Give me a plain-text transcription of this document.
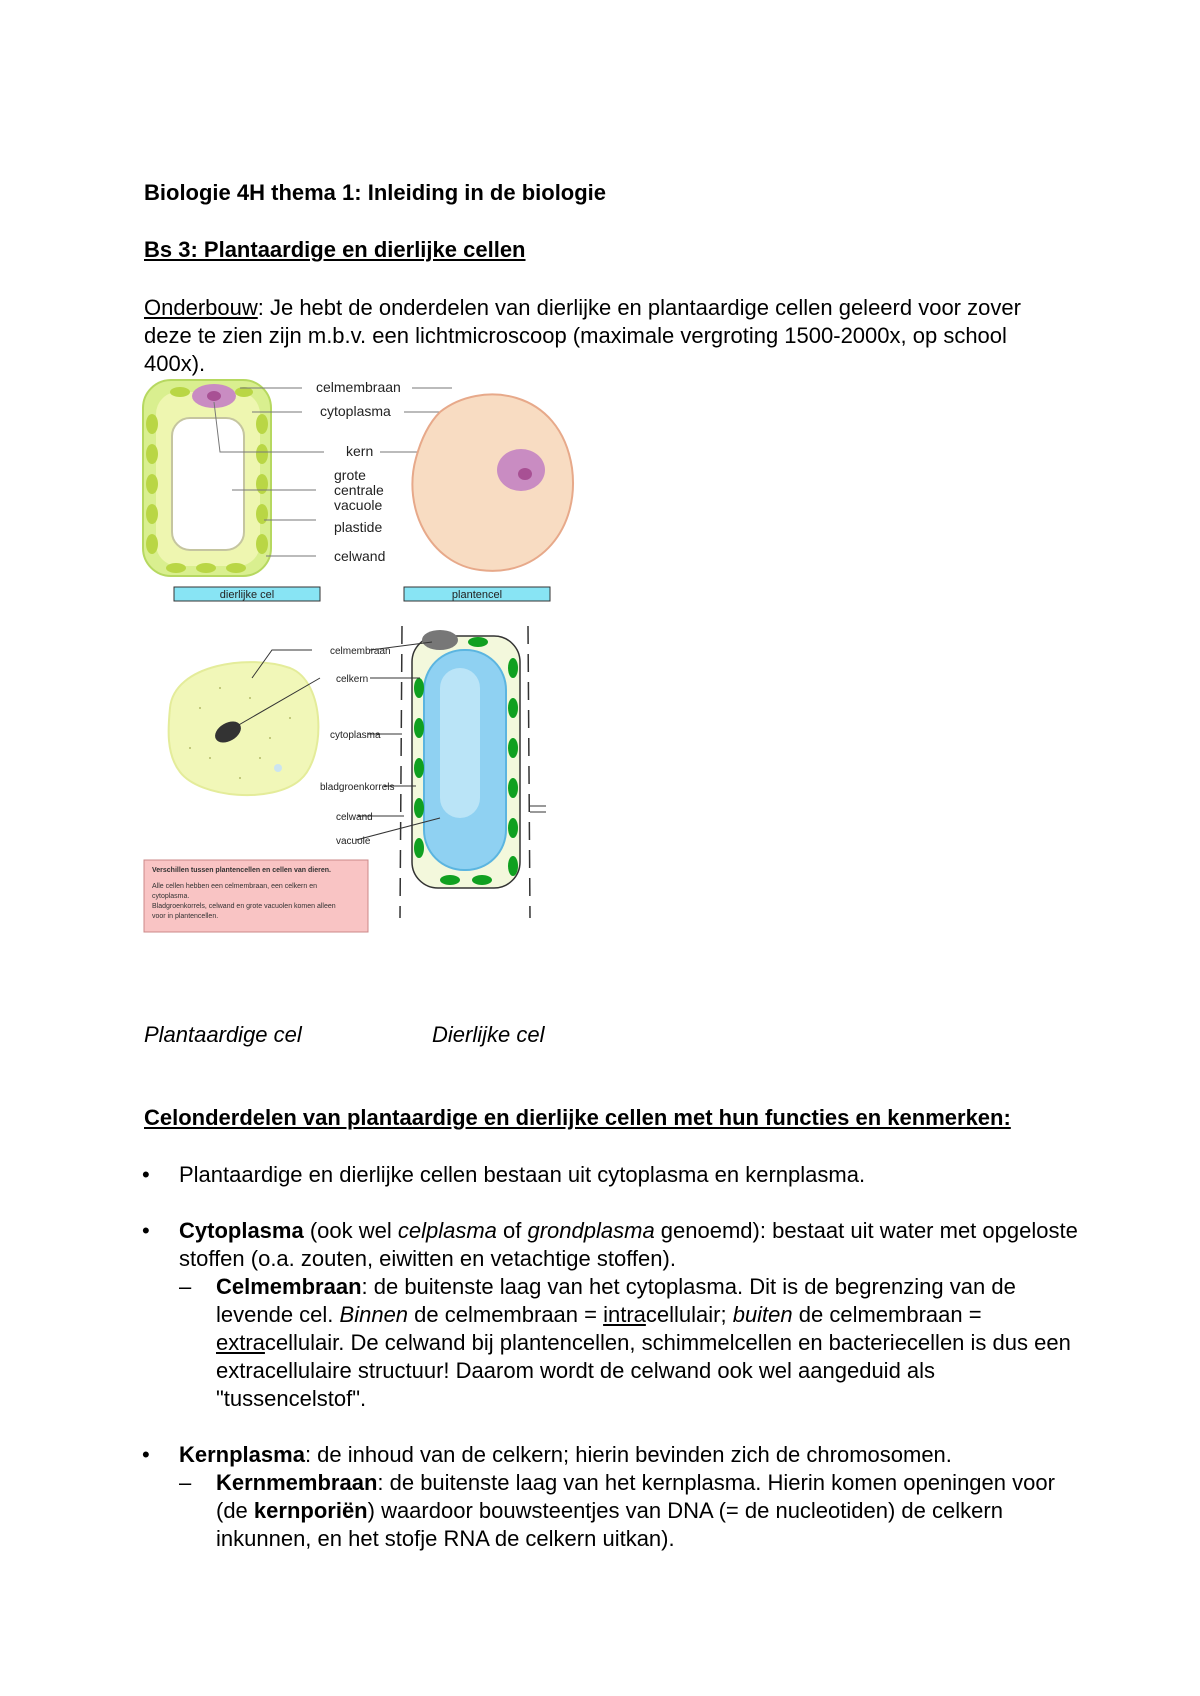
Biologie 4H thema 1: Inleiding in de biologie
Bs 3: Plantaardige en dierlijke cellen
Onderbouw: Je hebt de onderdelen van dierlijke en plantaardige cellen geleerd voor zover deze te zien zijn m.b.v. een lichtmicroscoop (maximale vergroting 1500-2000x, op school 400x).
celmembraan
cytoplasma
kern
grote
centrale
vacuole
plastide
celwand
dierlijke cel	plantencel
celmembraan
celkern
cytoplasma
bladgroenkorrels
celwand
vacuole
Verschillen tussen plantencellen en cellen van dieren.
Alle cellen hebben een celmembraan, een celkern en
cytoplasma.
Bladgroenkorrels, celwand en grote vacuolen komen alleen
voor in plantencellen.
Plantaardige cel	Dierlijke cel
Celonderdelen van plantaardige en dierlijke cellen met hun functies en kenmerken:
• Plantaardige en dierlijke cellen bestaan uit cytoplasma en kernplasma.
• Cytoplasma (ook wel celplasma of grondplasma genoemd): bestaat uit water met opgeloste stoffen (o.a. zouten, eiwitten en vetachtige stoffen).
–	Celmembraan: de buitenste laag van het cytoplasma. Dit is de begrenzing van de levende cel. Binnen de celmembraan = intracellulair; buiten de celmembraan = extracellulair. De celwand bij plantencellen, schimmelcellen en bacteriecellen is dus een extracellulaire structuur! Daarom wordt de celwand ook wel aangeduid als "tussencelstof".
• Kernplasma: de inhoud van de celkern; hierin bevinden zich de chromosomen.
–	Kernmembraan: de buitenste laag van het kernplasma. Hierin komen openingen voor (de kernporiën) waardoor bouwsteentjes van DNA (= de nucleotiden) de celkern inkunnen, en het stofje RNA de celkern uitkan).
